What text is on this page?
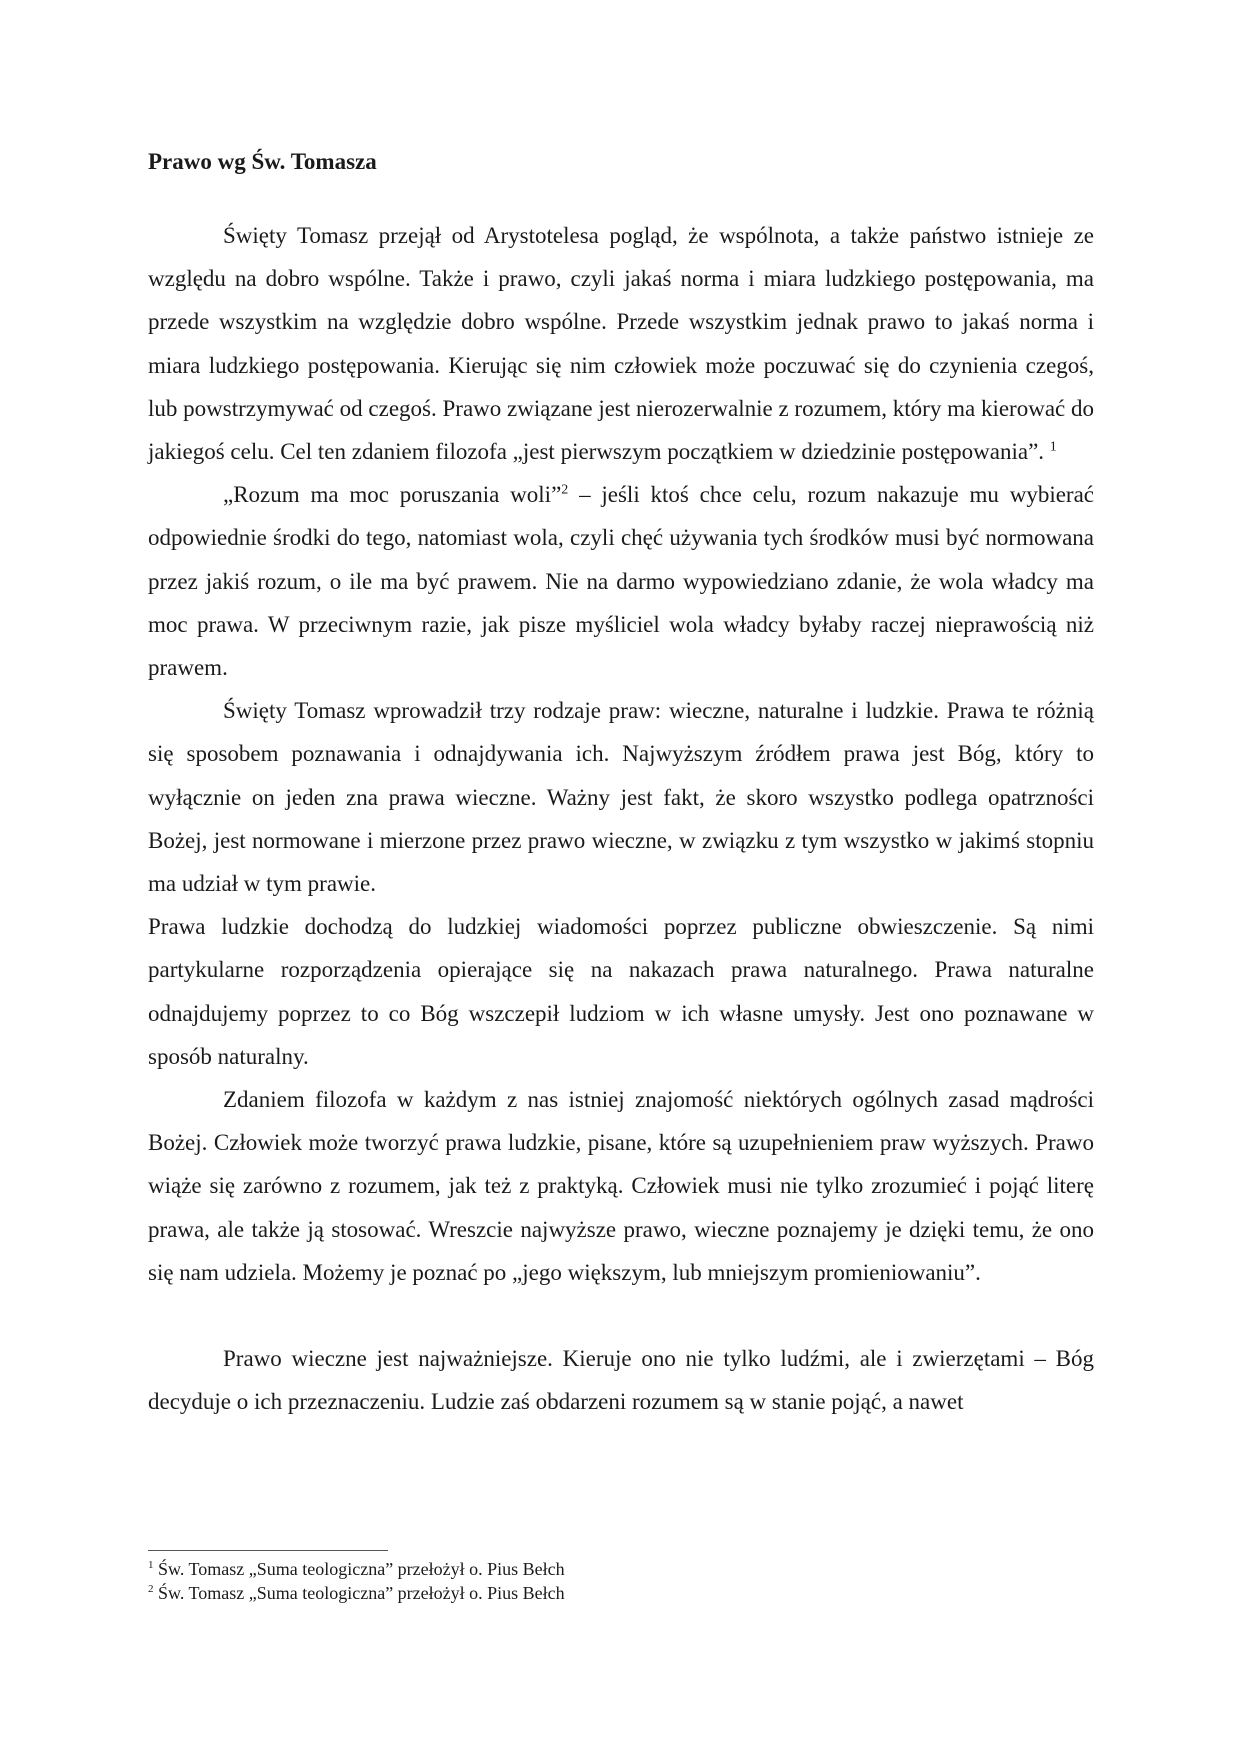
Prawo wg Św. Tomasza

Święty Tomasz przejął od Arystotelesa pogląd, że wspólnota, a także państwo istnieje ze względu na dobro wspólne. Także i prawo, czyli jakaś norma i miara ludzkiego postępowania, ma przede wszystkim na względzie dobro wspólne. Przede wszystkim jednak prawo to jakaś norma i miara ludzkiego postępowania. Kierując się nim człowiek może poczuwać się do czynienia czegoś, lub powstrzymywać od czegoś. Prawo związane jest nierozerwalnie z rozumem, który ma kierować do jakiegoś celu. Cel ten zdaniem filozofa „jest pierwszym początkiem w dziedzinie postępowania”. $^1$

„Rozum ma moc poruszania woli”$^2$ – jeśli ktoś chce celu, rozum nakazuje mu wybierać odpowiednie środki do tego, natomiast wola, czyli chęć używania tych środków musi być normowana przez jakiś rozum, o ile ma być prawem. Nie na darmo wypowiedziano zdanie, że wola władcy ma moc prawa. W przeciwnym razie, jak pisze myśliciel wola władcy byłaby raczej nieprawością niż prawem.

Święty Tomasz wprowadził trzy rodzaje praw: wieczne, naturalne i ludzkie. Prawa te różnią się sposobem poznawania i odnajdywania ich. Najwyższym źródłem prawa jest Bóg, który to wyłącznie on jeden zna prawa wieczne. Ważny jest fakt, że skoro wszystko podlega opatrzności Bożej, jest normowane i mierzone przez prawo wieczne, w związku z tym wszystko w jakimś stopniu ma udział w tym prawie.

Prawa ludzkie dochodzą do ludzkiej wiadomości poprzez publiczne obwieszczenie. Są nimi partykularne rozporządzenia opierające się na nakazach prawa naturalnego. Prawa naturalne odnajdujemy poprzez to co Bóg wszczepił ludziom w ich własne umysły. Jest ono poznawane w sposób naturalny.

Zdaniem filozofa w każdym z nas istniej znajomość niektórych ogólnych zasad mądrości Bożej. Człowiek może tworzyć prawa ludzkie, pisane, które są uzupełnieniem praw wyższych. Prawo wiąże się zarówno z rozumem, jak też z praktyką. Człowiek musi nie tylko zrozumieć i pojąć literę prawa, ale także ją stosować. Wreszcie najwyższe prawo, wieczne poznajemy je dzięki temu, że ono się nam udziela. Możemy je poznać po „jego większym, lub mniejszym promieniowaniu”.

Prawo wieczne jest najważniejsze. Kieruje ono nie tylko ludźmi, ale i zwierzętami – Bóg decyduje o ich przeznaczeniu. Ludzie zaś obdarzeni rozumem są w stanie pojąć, a nawet

$^1$ Św. Tomasz „Suma teologiczna” przełożył o. Pius Bełch

$^2$ Św. Tomasz „Suma teologiczna” przełożył o. Pius Bełch
